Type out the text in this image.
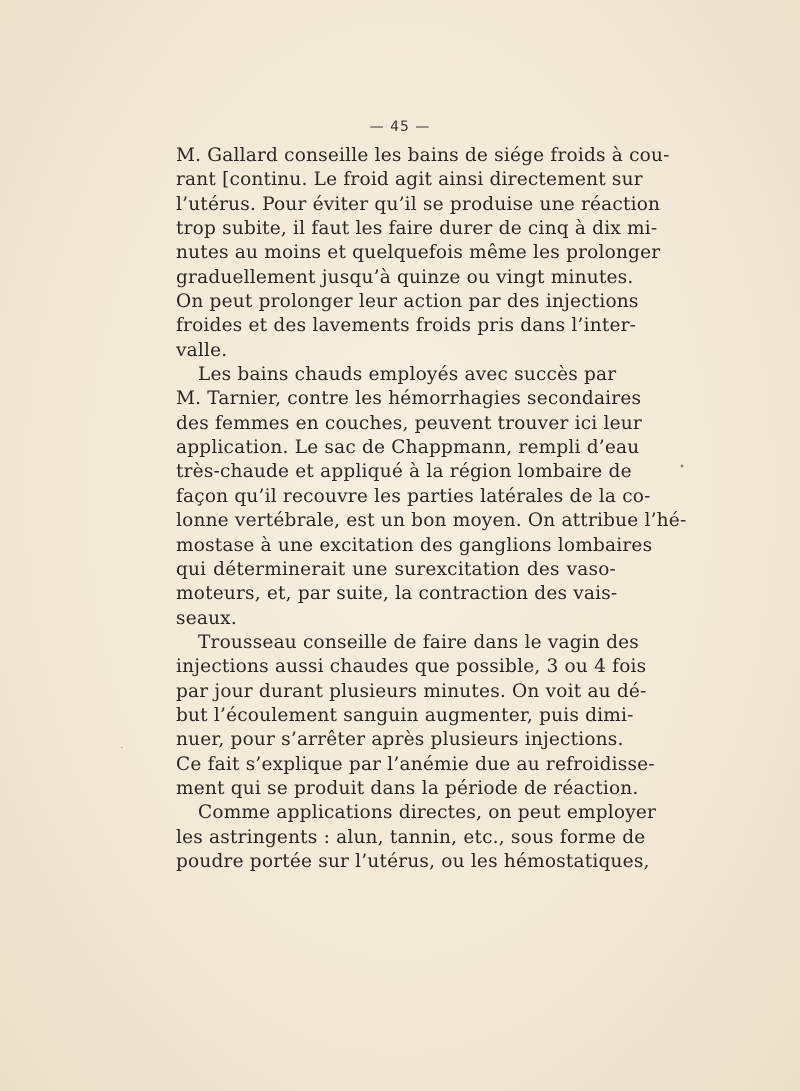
— 45 —
M. Gallard conseille les bains de siége froids à cou-
rant [continu. Le froid agit ainsi directement sur
l’utérus. Pour éviter qu’il se produise une réaction
trop subite, il faut les faire durer de cinq à dix mi-
nutes au moins et quelquefois même les prolonger
graduellement jusqu’à quinze ou vingt minutes.
On peut prolonger leur action par des injections
froides et des lavements froids pris dans l’inter-
valle.
Les bains chauds employés avec succès par
M. Tarnier, contre les hémorrhagies secondaires
des femmes en couches, peuvent trouver ici leur
application. Le sac de Chappmann, rempli d’eau
très-chaude et appliqué à la région lombaire de
façon qu’il recouvre les parties latérales de la co-
lonne vertébrale, est un bon moyen. On attribue l’hé-
mostase à une excitation des ganglions lombaires
qui déterminerait une surexcitation des vaso-
moteurs, et, par suite, la contraction des vais-
seaux.
Trousseau conseille de faire dans le vagin des
injections aussi chaudes que possible, 3 ou 4 fois
par jour durant plusieurs minutes. On voit au dé-
but l’écoulement sanguin augmenter, puis dimi-
nuer, pour s’arrêter après plusieurs injections.
Ce fait s’explique par l’anémie due au refroidisse-
ment qui se produit dans la période de réaction.
Comme applications directes, on peut employer
les astringents : alun, tannin, etc., sous forme de
poudre portée sur l’utérus, ou les hémostatiques,
•
ˏ
